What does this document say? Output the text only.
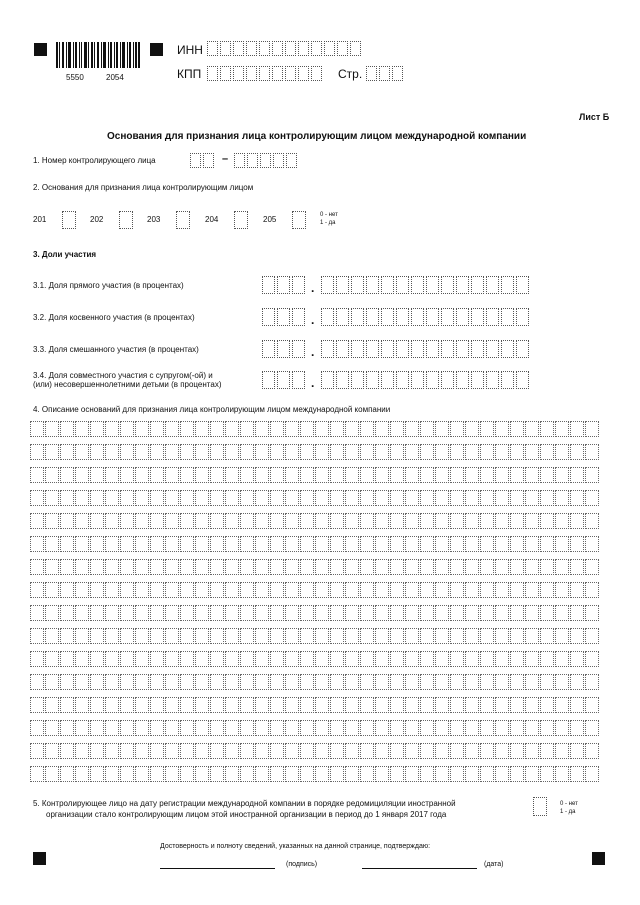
5550	2054
ИНН
КПП	Стр.
Лист Б
Основания для признания лица контролирующим лицом международной компании
1. Номер контролирующего лица	–
2. Основания для признания лица контролирующим лицом
201	202	203	204	205	0 - нет
1 - да
3. Доли участия
3.1. Доля прямого участия (в процентах)	.
3.2. Доля косвенного участия (в процентах)	.
3.3. Доля смешанного участия (в процентах)	.
3.4. Доля совместного участия с супругом(-ой) и
(или) несовершеннолетними детьми (в процентах)	.
4. Описание оснований для признания лица контролирующим лицом международной компании
5. Контролирующее лицо на дату регистрации международной компании в порядке редомициляции иностранной
организации стало контролирующим лицом этой иностранной организации в период до 1 января 2017 года
0 - нет
1 - да
Достоверность и полноту сведений, указанных на данной странице, подтверждаю:
(подпись)	(дата)
